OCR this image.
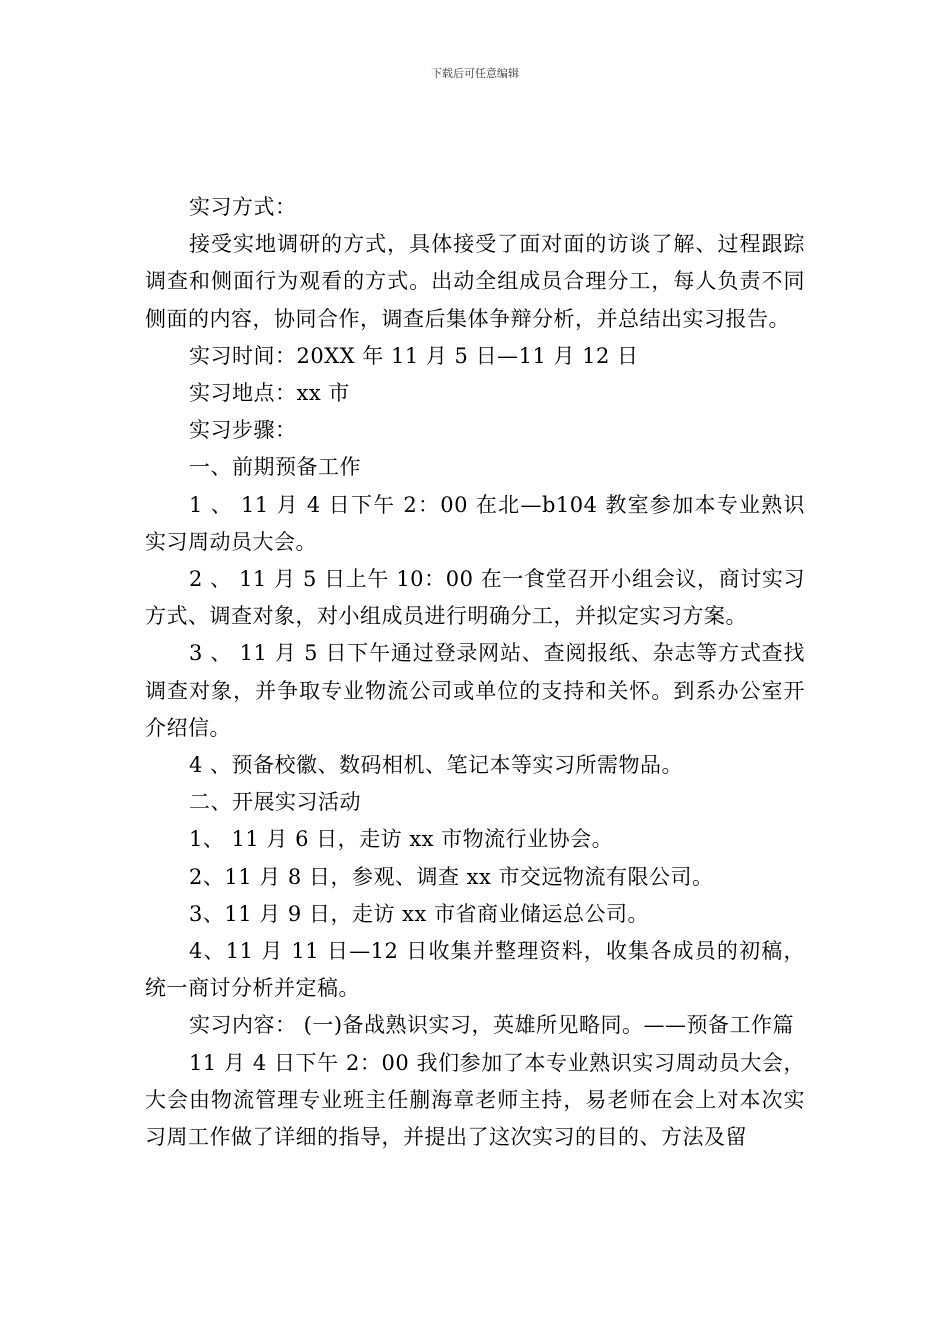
下载后可任意编辑

实习方式：

接受实地调研的方式，具体接受了面对面的访谈了解、过程跟踪调查和侧面行为观看的方式。出动全组成员合理分工，每人负责不同侧面的内容，协同合作，调查后集体争辩分析，并总结出实习报告。

实习时间：20XX 年 11 月 5 日—11 月 12 日

实习地点：xx 市

实习步骤：

一、前期预备工作

1 、 11 月 4 日下午 2：00 在北—b104 教室参加本专业熟识实习周动员大会。

2 、 11 月 5 日上午 10：00 在一食堂召开小组会议，商讨实习方式、调查对象，对小组成员进行明确分工，并拟定实习方案。

3 、 11 月 5 日下午通过登录网站、查阅报纸、杂志等方式查找调查对象，并争取专业物流公司或单位的支持和关怀。到系办公室开介绍信。

4 、预备校徽、数码相机、笔记本等实习所需物品。

二、开展实习活动

1、 11 月 6 日，走访 xx 市物流行业协会。

2、11 月 8 日，参观、调查 xx 市交远物流有限公司。

3、11 月 9 日，走访 xx 市省商业储运总公司。

4、11 月 11 日—12 日收集并整理资料，收集各成员的初稿，统一商讨分析并定稿。

实习内容： (一)备战熟识实习，英雄所见略同。——预备工作篇

11 月 4 日下午 2：00 我们参加了本专业熟识实习周动员大会，大会由物流管理专业班主任蒯海章老师主持，易老师在会上对本次实习周工作做了详细的指导，并提出了这次实习的目的、方法及留
